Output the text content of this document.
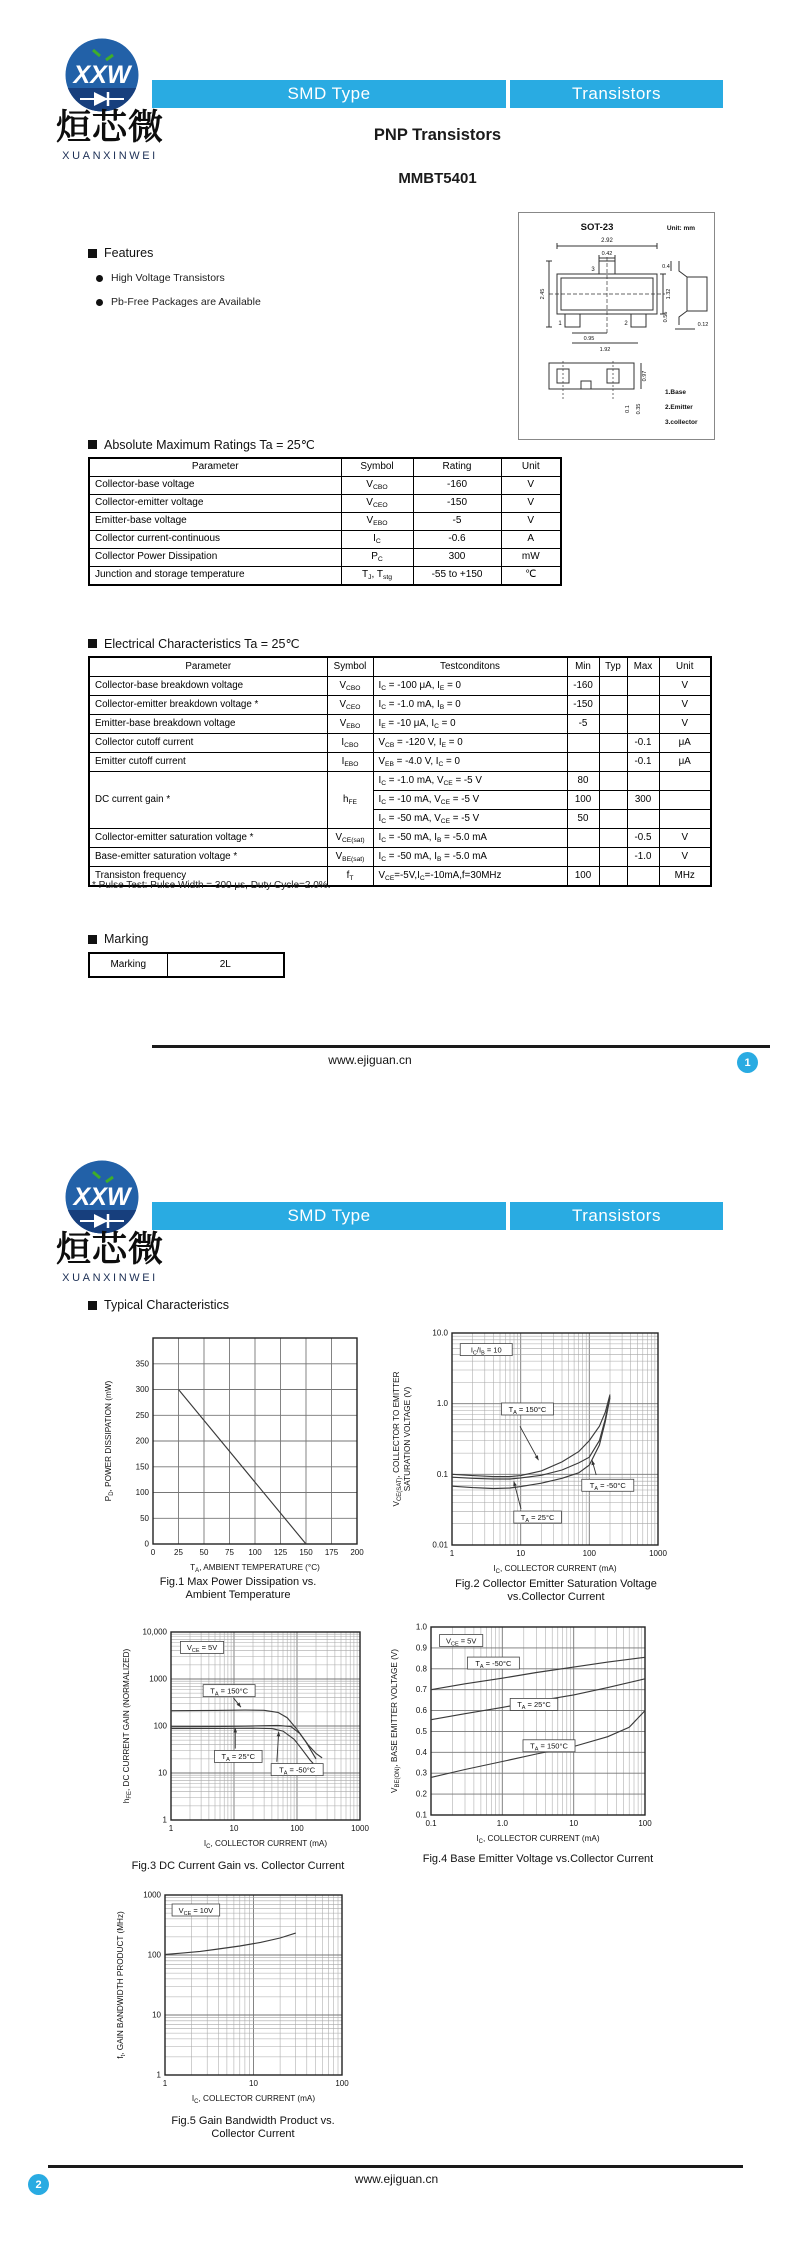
XXW
烜芯微
XUANXINWEI
SMD Type	Transistors
PNP Transistors
MMBT5401
Features
High Voltage Transistors
Pb-Free Packages are Available
SOT-23	Unit: mm
2.92
0.42
3
1	2
2.45	1.32
0.95
1.92
0.4
0.55
0.12
0.97
0.1 0.35
1.Base
2.Emitter
3.collector
Absolute Maximum Ratings Ta = 25℃
Parameter	Symbol	Rating	Unit
Collector-base voltage	$V_{CBO}$	-160	V
Collector-emitter voltage	$V_{CEO}$	-150	V
Emitter-base voltage	$V_{EBO}$	-5	V
Collector current-continuous	$I_C$	-0.6	A
Collector Power Dissipation	$P_C$	300	mW
Junction and storage temperature	$T_J$, $T_{stg}$	-55 to +150	℃
Electrical Characteristics Ta = 25℃
Parameter	Symbol	Testconditons	Min	Typ	Max	Unit
Collector-base breakdown voltage	$V_{CBO}$	$I_C = -100$ μA, $I_E = 0$	-160			V
Collector-emitter breakdown voltage *	$V_{CEO}$	$I_C = -1.0$ mA, $I_B = 0$	-150			V
Emitter-base breakdown voltage	$V_{EBO}$	$I_E = -10$ μA, $I_C = 0$	-5			V
Collector cutoff current	$I_{CBO}$	$V_{CB} = -120$ V, $I_E = 0$			-0.1	μA
Emitter cutoff current	$I_{EBO}$	$V_{EB} = -4.0$ V, $I_C = 0$			-0.1	μA
DC current gain *	$h_{FE}$	$I_C = -1.0$ mA, $V_{CE} = -5$ V	80			
		$I_C = -10$ mA, $V_{CE} = -5$ V	100		300	
		$I_C = -50$ mA, $V_{CE} = -5$ V	50			
Collector-emitter saturation voltage *	$V_{CE(sat)}$	$I_C = -50$ mA, $I_B = -5.0$ mA			-0.5	V
Base-emitter saturation voltage *	$V_{BE(sat)}$	$I_C = -50$ mA, $I_B = -5.0$ mA			-1.0	V
Transiston frequency	$f_T$	$V_{CE}=-5V,I_C=-10mA,f=30MHz$	100			MHz
* Pulse Test: Pulse Width = 300 μs, Duty Cycle=2.0%.
Marking
Marking	2L
www.ejiguan.cn	1
XXW
烜芯微
XUANXINWEI
SMD Type	Transistors
Typical Characteristics
0 25 50 75 100 125 150 175 200
0
50
100
150
200
250
300
350
$T_A$, AMBIENT TEMPERATURE (°C)
$P_D$, POWER DISSIPATION (mW)
Fig.1 Max Power Dissipation vs.
Ambient Temperature
1	10	100	1000
10.0
1.0
0.1
0.01
$I_C/I_B = 10$
$T_A = 150^\circ C$
$T_A = -50^\circ C$
$T_A = 25^\circ C$
$I_C$, COLLECTOR CURRENT (mA)
$V_{CE(SAT)}$, COLLECTOR TO EMITTER SATURATION VOLTAGE (V)
Fig.2 Collector Emitter Saturation Voltage
vs.Collector Current
1	10	100	1000
10,000
1000
100
10
1
$V_{CE} = 5V$
$T_A = 150^\circ C$
$T_A = 25^\circ C$
$T_A = -50^\circ C$
$I_C$, COLLECTOR CURRENT (mA)
$h_{FE}$, DC CURRENT GAIN (NORMALIZED)
Fig.3 DC Current Gain vs. Collector Current
0.1	1.0	10	100
1.0
0.9
0.8
0.7
0.6
0.5
0.4
0.3
0.2
0.1
$V_{CE} = 5V$
$T_A = -50^\circ C$
$T_A = 25^\circ C$
$T_A = 150^\circ C$
$I_C$, COLLECTOR CURRENT (mA)
$V_{BE(ON)}$, BASE EMITTER VOLTAGE (V)
Fig.4 Base Emitter Voltage vs.Collector Current
1	10	100
1000
100
10
1
$V_{CE} = 10V$
$I_C$, COLLECTOR CURRENT (mA)
$f_t$, GAIN BANDWIDTH PRODUCT (MHz)
Fig.5 Gain Bandwidth Product vs.
Collector Current
www.ejiguan.cn
2
